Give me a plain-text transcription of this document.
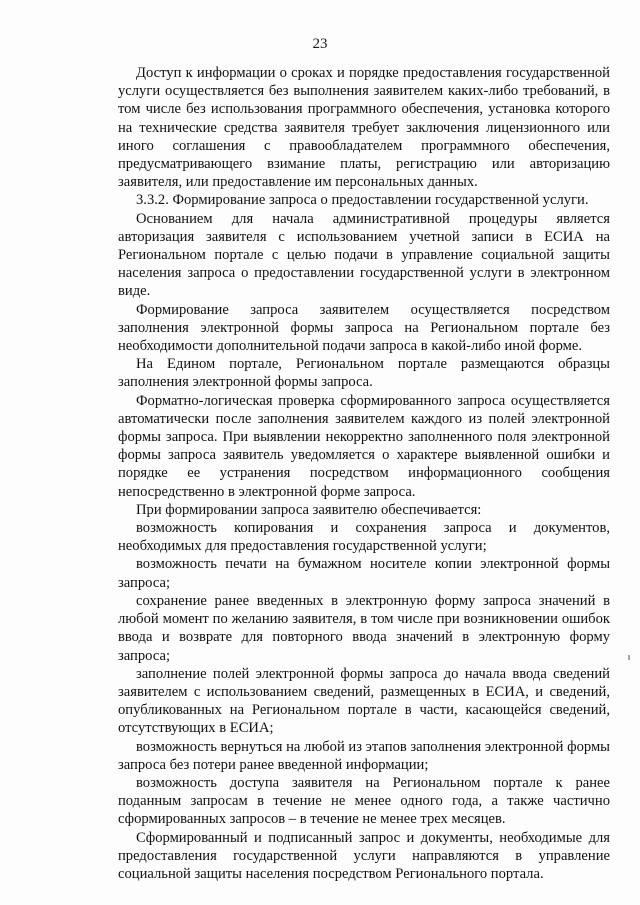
23

Доступ к информации о сроках и порядке предоставления государственной услуги осуществляется без выполнения заявителем каких-либо требований, в том числе без использования программного обеспечения, установка которого на технические средства заявителя требует заключения лицензионного или иного соглашения с правообладателем программного обеспечения, предусматривающего взимание платы, регистрацию или авторизацию заявителя, или предоставление им персональных данных.

3.3.2. Формирование запроса о предоставлении государственной услуги.

Основанием для начала административной процедуры является авторизация заявителя с использованием учетной записи в ЕСИА на Региональном портале с целью подачи в управление социальной защиты населения запроса о предоставлении государственной услуги в электронном виде.

Формирование запроса заявителем осуществляется посредством заполнения электронной формы запроса на Региональном портале без необходимости дополнительной подачи запроса в какой-либо иной форме.

На Едином портале, Региональном портале размещаются образцы заполнения электронной формы запроса.

Форматно-логическая проверка сформированного запроса осуществляется автоматически после заполнения заявителем каждого из полей электронной формы запроса. При выявлении некорректно заполненного поля электронной формы запроса заявитель уведомляется о характере выявленной ошибки и порядке ее устранения посредством информационного сообщения непосредственно в электронной форме запроса.

При формировании запроса заявителю обеспечивается:

возможность копирования и сохранения запроса и документов, необходимых для предоставления государственной услуги;

возможность печати на бумажном носителе копии электронной формы запроса;

сохранение ранее введенных в электронную форму запроса значений в любой момент по желанию заявителя, в том числе при возникновении ошибок ввода и возврате для повторного ввода значений в электронную форму запроса;

заполнение полей электронной формы запроса до начала ввода сведений заявителем с использованием сведений, размещенных в ЕСИА, и сведений, опубликованных на Региональном портале в части, касающейся сведений, отсутствующих в ЕСИА;

возможность вернуться на любой из этапов заполнения электронной формы запроса без потери ранее введенной информации;

возможность доступа заявителя на Региональном портале к ранее поданным запросам в течение не менее одного года, а также частично сформированных запросов – в течение не менее трех месяцев.

Сформированный и подписанный запрос и документы, необходимые для предоставления государственной услуги направляются в управление социальной защиты населения посредством Регионального портала.
